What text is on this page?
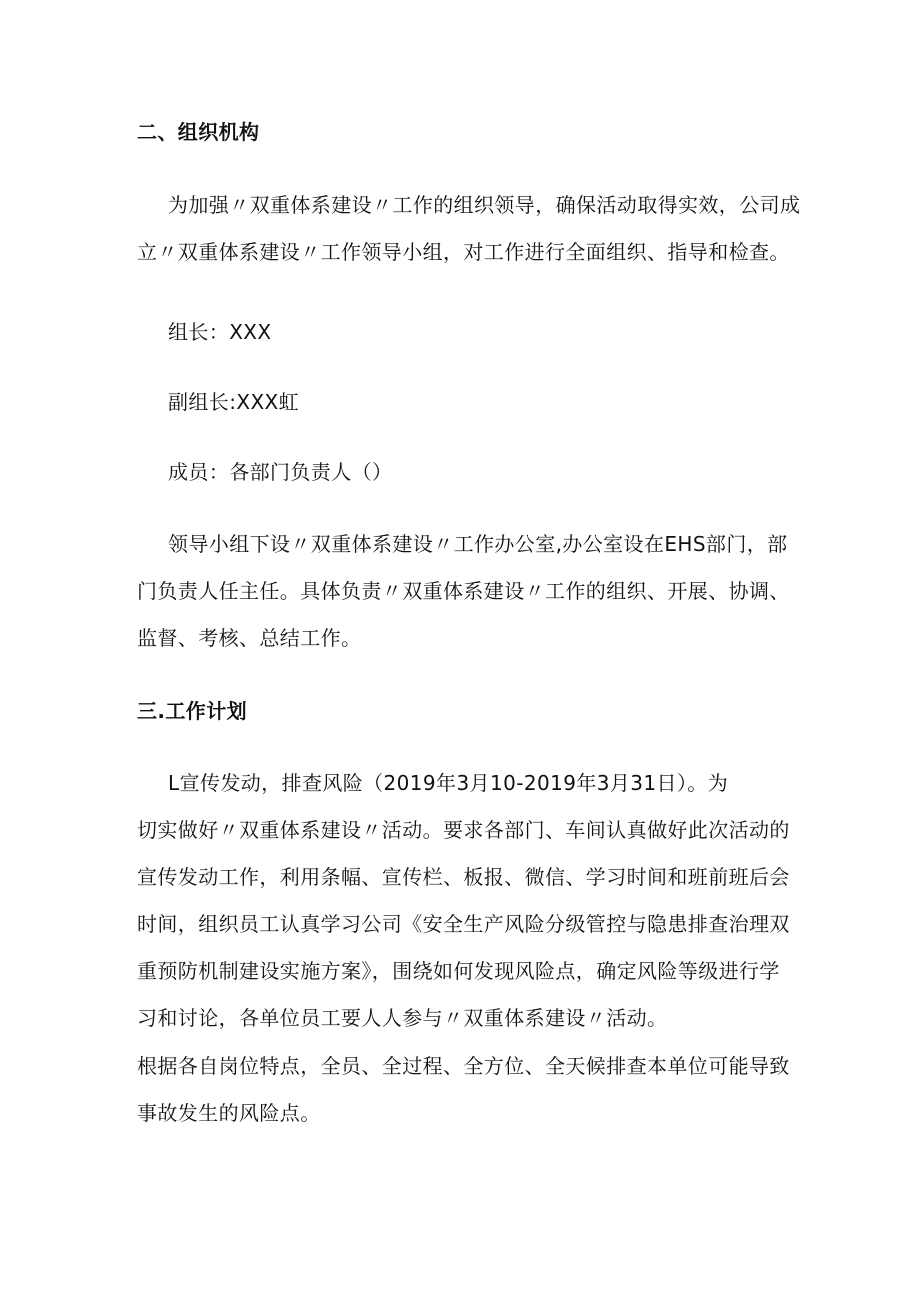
二、组织机构
为加强〃双重体系建设〃工作的组织领导，确保活动取得实效，公司成
立〃双重体系建设〃工作领导小组，对工作进行全面组织、指导和检查。
组长：XXX
副组长:XXX虹
成员：各部门负责人（）
领导小组下设〃双重体系建设〃工作办公室,办公室设在EHS部门，部
门负责人任主任。具体负责〃双重体系建设〃工作的组织、开展、协调、
监督、考核、总结工作。
三.工作计划
L宣传发动，排查风险（2019年3月10-2019年3月31日）。为
切实做好〃双重体系建设〃活动。要求各部门、车间认真做好此次活动的
宣传发动工作，利用条幅、宣传栏、板报、微信、学习时间和班前班后会
时间，组织员工认真学习公司《安全生产风险分级管控与隐患排查治理双
重预防机制建设实施方案》，围绕如何发现风险点，确定风险等级进行学
习和讨论，各单位员工要人人参与〃双重体系建设〃活动。
根据各自岗位特点，全员、全过程、全方位、全天候排查本单位可能导致
事故发生的风险点。
